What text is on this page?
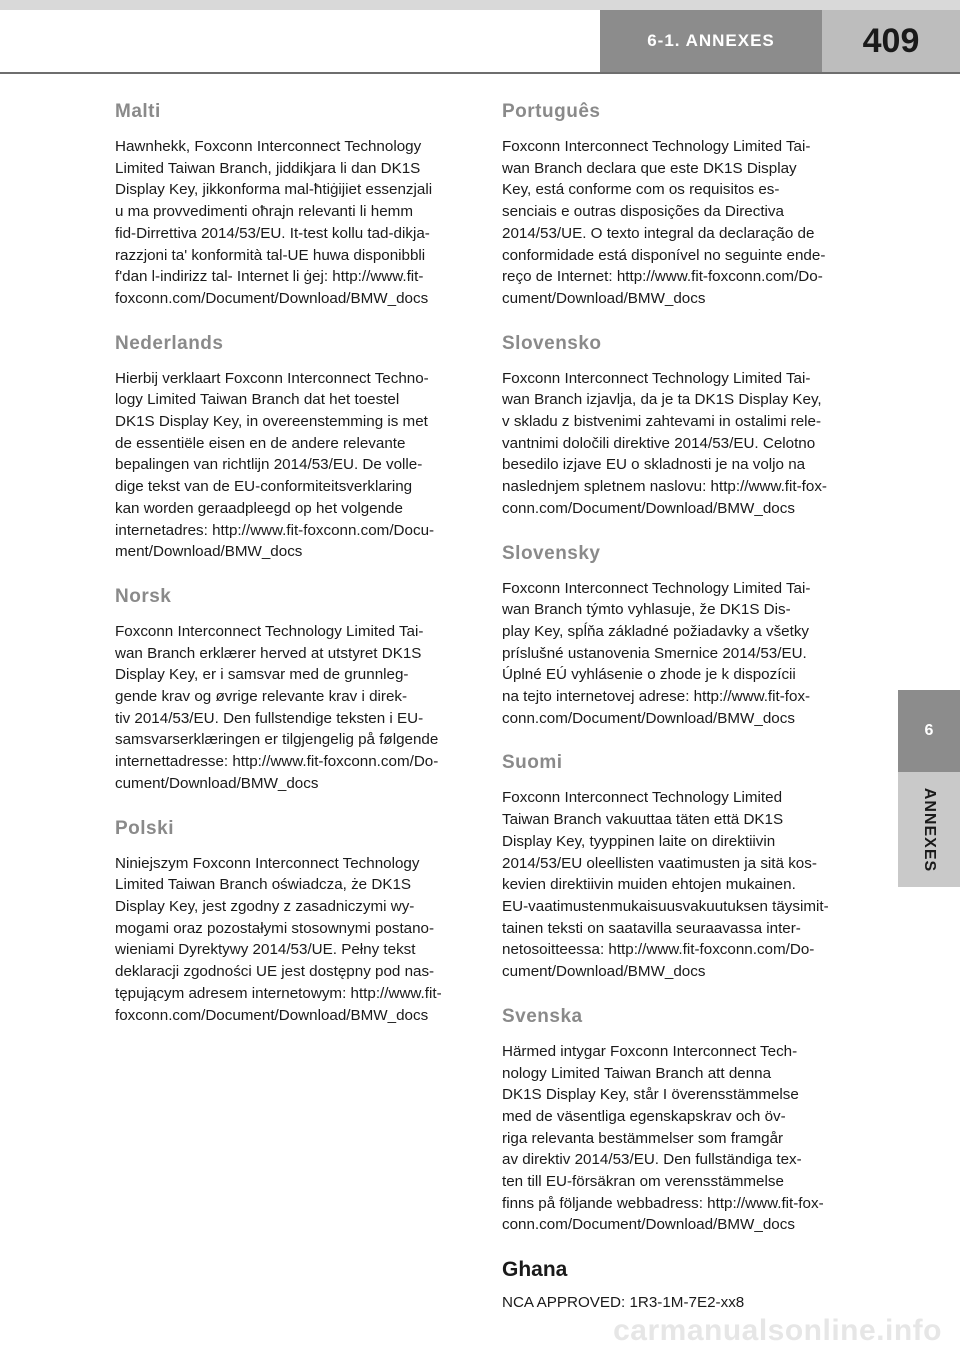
6-1. ANNEXES	409
6
ANNEXES
Malti

Hawnhekk, Foxconn Interconnect Technology
Limited Taiwan Branch, jiddikjara li dan DK1S
Display Key, jikkonforma mal-ħtiġijiet essenzjali
u ma provvedimenti oħrajn relevanti li hemm
fid-Dirrettiva 2014/53/EU. It-test kollu tad-dikja-
razzjoni ta' konformità tal-UE huwa disponibbli
f'dan l-indirizz tal- Internet li ġej: http://www.fit-
foxconn.com/Document/Download/BMW_docs

Nederlands

Hierbij verklaart Foxconn Interconnect Techno-
logy Limited Taiwan Branch dat het toestel
DK1S Display Key, in overeenstemming is met
de essentiële eisen en de andere relevante
bepalingen van richtlijn 2014/53/EU. De volle-
dige tekst van de EU-conformiteitsverklaring
kan worden geraadpleegd op het volgende
internetadres: http://www.fit-foxconn.com/Docu-
ment/Download/BMW_docs

Norsk

Foxconn Interconnect Technology Limited Tai-
wan Branch erklærer herved at utstyret DK1S
Display Key, er i samsvar med de grunnleg-
gende krav og øvrige relevante krav i direk-
tiv 2014/53/EU. Den fullstendige teksten i EU-
samsvarserklæringen er tilgjengelig på følgende
internettadresse: http://www.fit-foxconn.com/Do-
cument/Download/BMW_docs

Polski

Niniejszym Foxconn Interconnect Technology
Limited Taiwan Branch oświadcza, że DK1S
Display Key, jest zgodny z zasadniczymi wy-
mogami oraz pozostałymi stosownymi postano-
wieniami Dyrektywy 2014/53/UE. Pełny tekst
deklaracji zgodności UE jest dostępny pod nas-
tępującym adresem internetowym: http://www.fit-
foxconn.com/Document/Download/BMW_docs

Português

Foxconn Interconnect Technology Limited Tai-
wan Branch declara que este DK1S Display
Key, está conforme com os requisitos es-
senciais e outras disposições da Directiva
2014/53/UE. O texto integral da declaração de
conformidade está disponível no seguinte ende-
reço de Internet: http://www.fit-foxconn.com/Do-
cument/Download/BMW_docs

Slovensko

Foxconn Interconnect Technology Limited Tai-
wan Branch izjavlja, da je ta DK1S Display Key,
v skladu z bistvenimi zahtevami in ostalimi rele-
vantnimi določili direktive 2014/53/EU. Celotno
besedilo izjave EU o skladnosti je na voljo na
naslednjem spletnem naslovu: http://www.fit-fox-
conn.com/Document/Download/BMW_docs

Slovensky

Foxconn Interconnect Technology Limited Tai-
wan Branch týmto vyhlasuje, že DK1S Dis-
play Key, spĺňa základné požiadavky a všetky
príslušné ustanovenia Smernice 2014/53/EU.
Úplné EÚ vyhlásenie o zhode je k dispozícii
na tejto internetovej adrese: http://www.fit-fox-
conn.com/Document/Download/BMW_docs

Suomi

Foxconn Interconnect Technology Limited
Taiwan Branch vakuuttaa täten että DK1S
Display Key, tyyppinen laite on direktiivin
2014/53/EU oleellisten vaatimusten ja sitä kos-
kevien direktiivin muiden ehtojen mukainen.
EU-vaatimustenmukaisuusvakuutuksen täysimit-
tainen teksti on saatavilla seuraavassa inter-
netosoitteessa: http://www.fit-foxconn.com/Do-
cument/Download/BMW_docs

Svenska

Härmed intygar Foxconn Interconnect Tech-
nology Limited Taiwan Branch att denna
DK1S Display Key, står I överensstämmelse
med de väsentliga egenskapskrav och öv-
riga relevanta bestämmelser som framgår
av direktiv 2014/53/EU. Den fullständiga tex-
ten till EU-försäkran om verensstämmelse
finns på följande webbadress: http://www.fit-fox-
conn.com/Document/Download/BMW_docs

Ghana

NCA APPROVED: 1R3-1M-7E2-xx8

carmanualsonline.info
